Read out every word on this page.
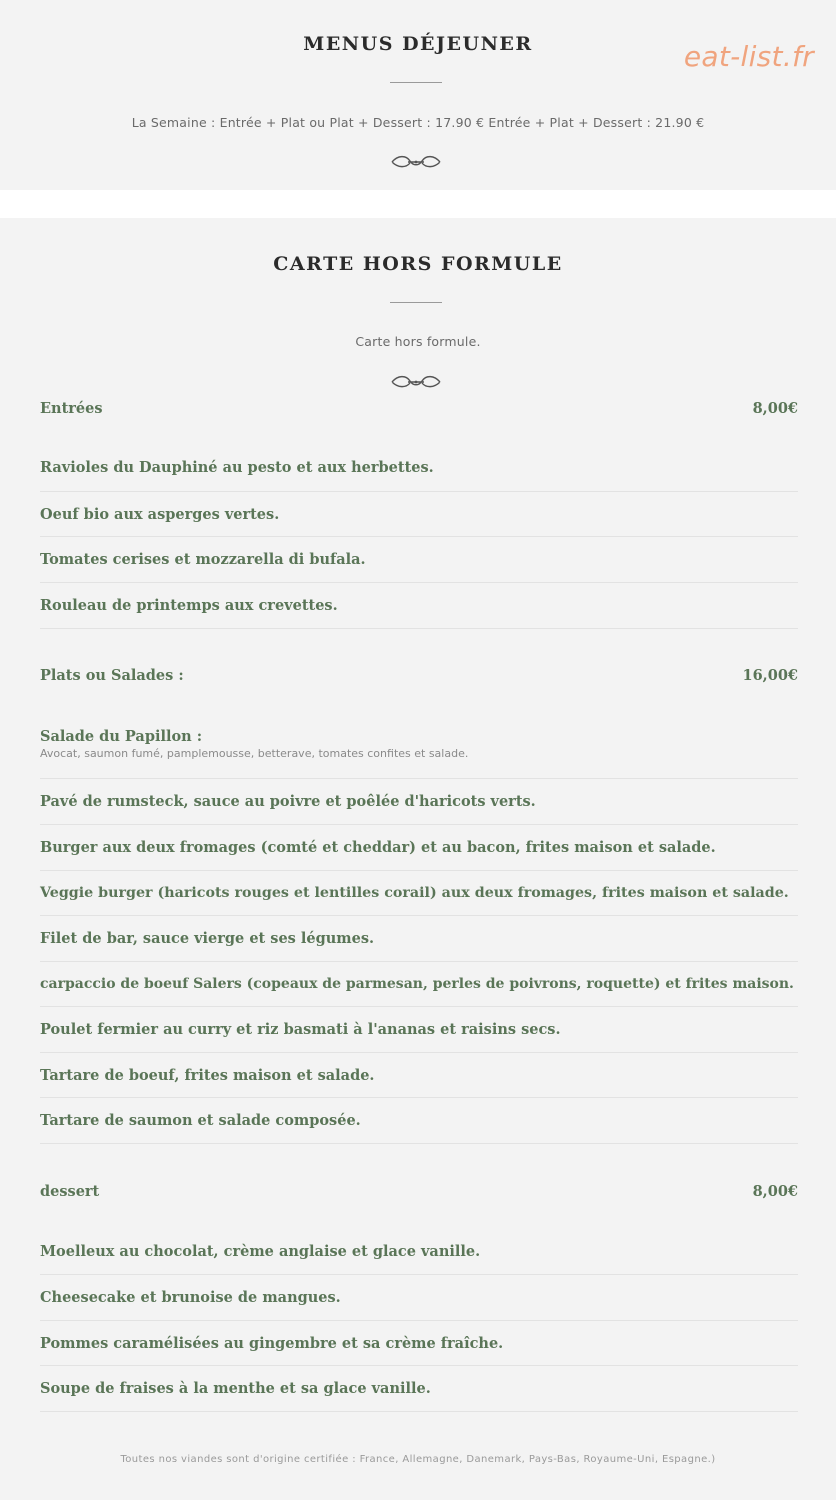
MENUS DÉJEUNER
La Semaine : Entrée + Plat ou Plat + Dessert : 17.90 € Entrée + Plat + Dessert : 21.90 €
eat-list.fr
CARTE HORS FORMULE
Carte hors formule.
Entrées	8,00€
Ravioles du Dauphiné au pesto et aux herbettes.
Oeuf bio aux asperges vertes.
Tomates cerises et mozzarella di bufala.
Rouleau de printemps aux crevettes.
Plats ou Salades :	16,00€
Salade du Papillon :
Avocat, saumon fumé, pamplemousse, betterave, tomates confites et salade.
Pavé de rumsteck, sauce au poivre et poêlée d'haricots verts.
Burger aux deux fromages (comté et cheddar) et au bacon, frites maison et salade.
Veggie burger (haricots rouges et lentilles corail) aux deux fromages, frites maison et salade.
Filet de bar, sauce vierge et ses légumes.
carpaccio de boeuf Salers (copeaux de parmesan, perles de poivrons, roquette) et frites maison.
Poulet fermier au curry et riz basmati à l'ananas et raisins secs.
Tartare de boeuf, frites maison et salade.
Tartare de saumon et salade composée.
dessert	8,00€
Moelleux au chocolat, crème anglaise et glace vanille.
Cheesecake et brunoise de mangues.
Pommes caramélisées au gingembre et sa crème fraîche.
Soupe de fraises à la menthe et sa glace vanille.
Toutes nos viandes sont d'origine certifiée : France, Allemagne, Danemark, Pays-Bas, Royaume-Uni, Espagne.)
